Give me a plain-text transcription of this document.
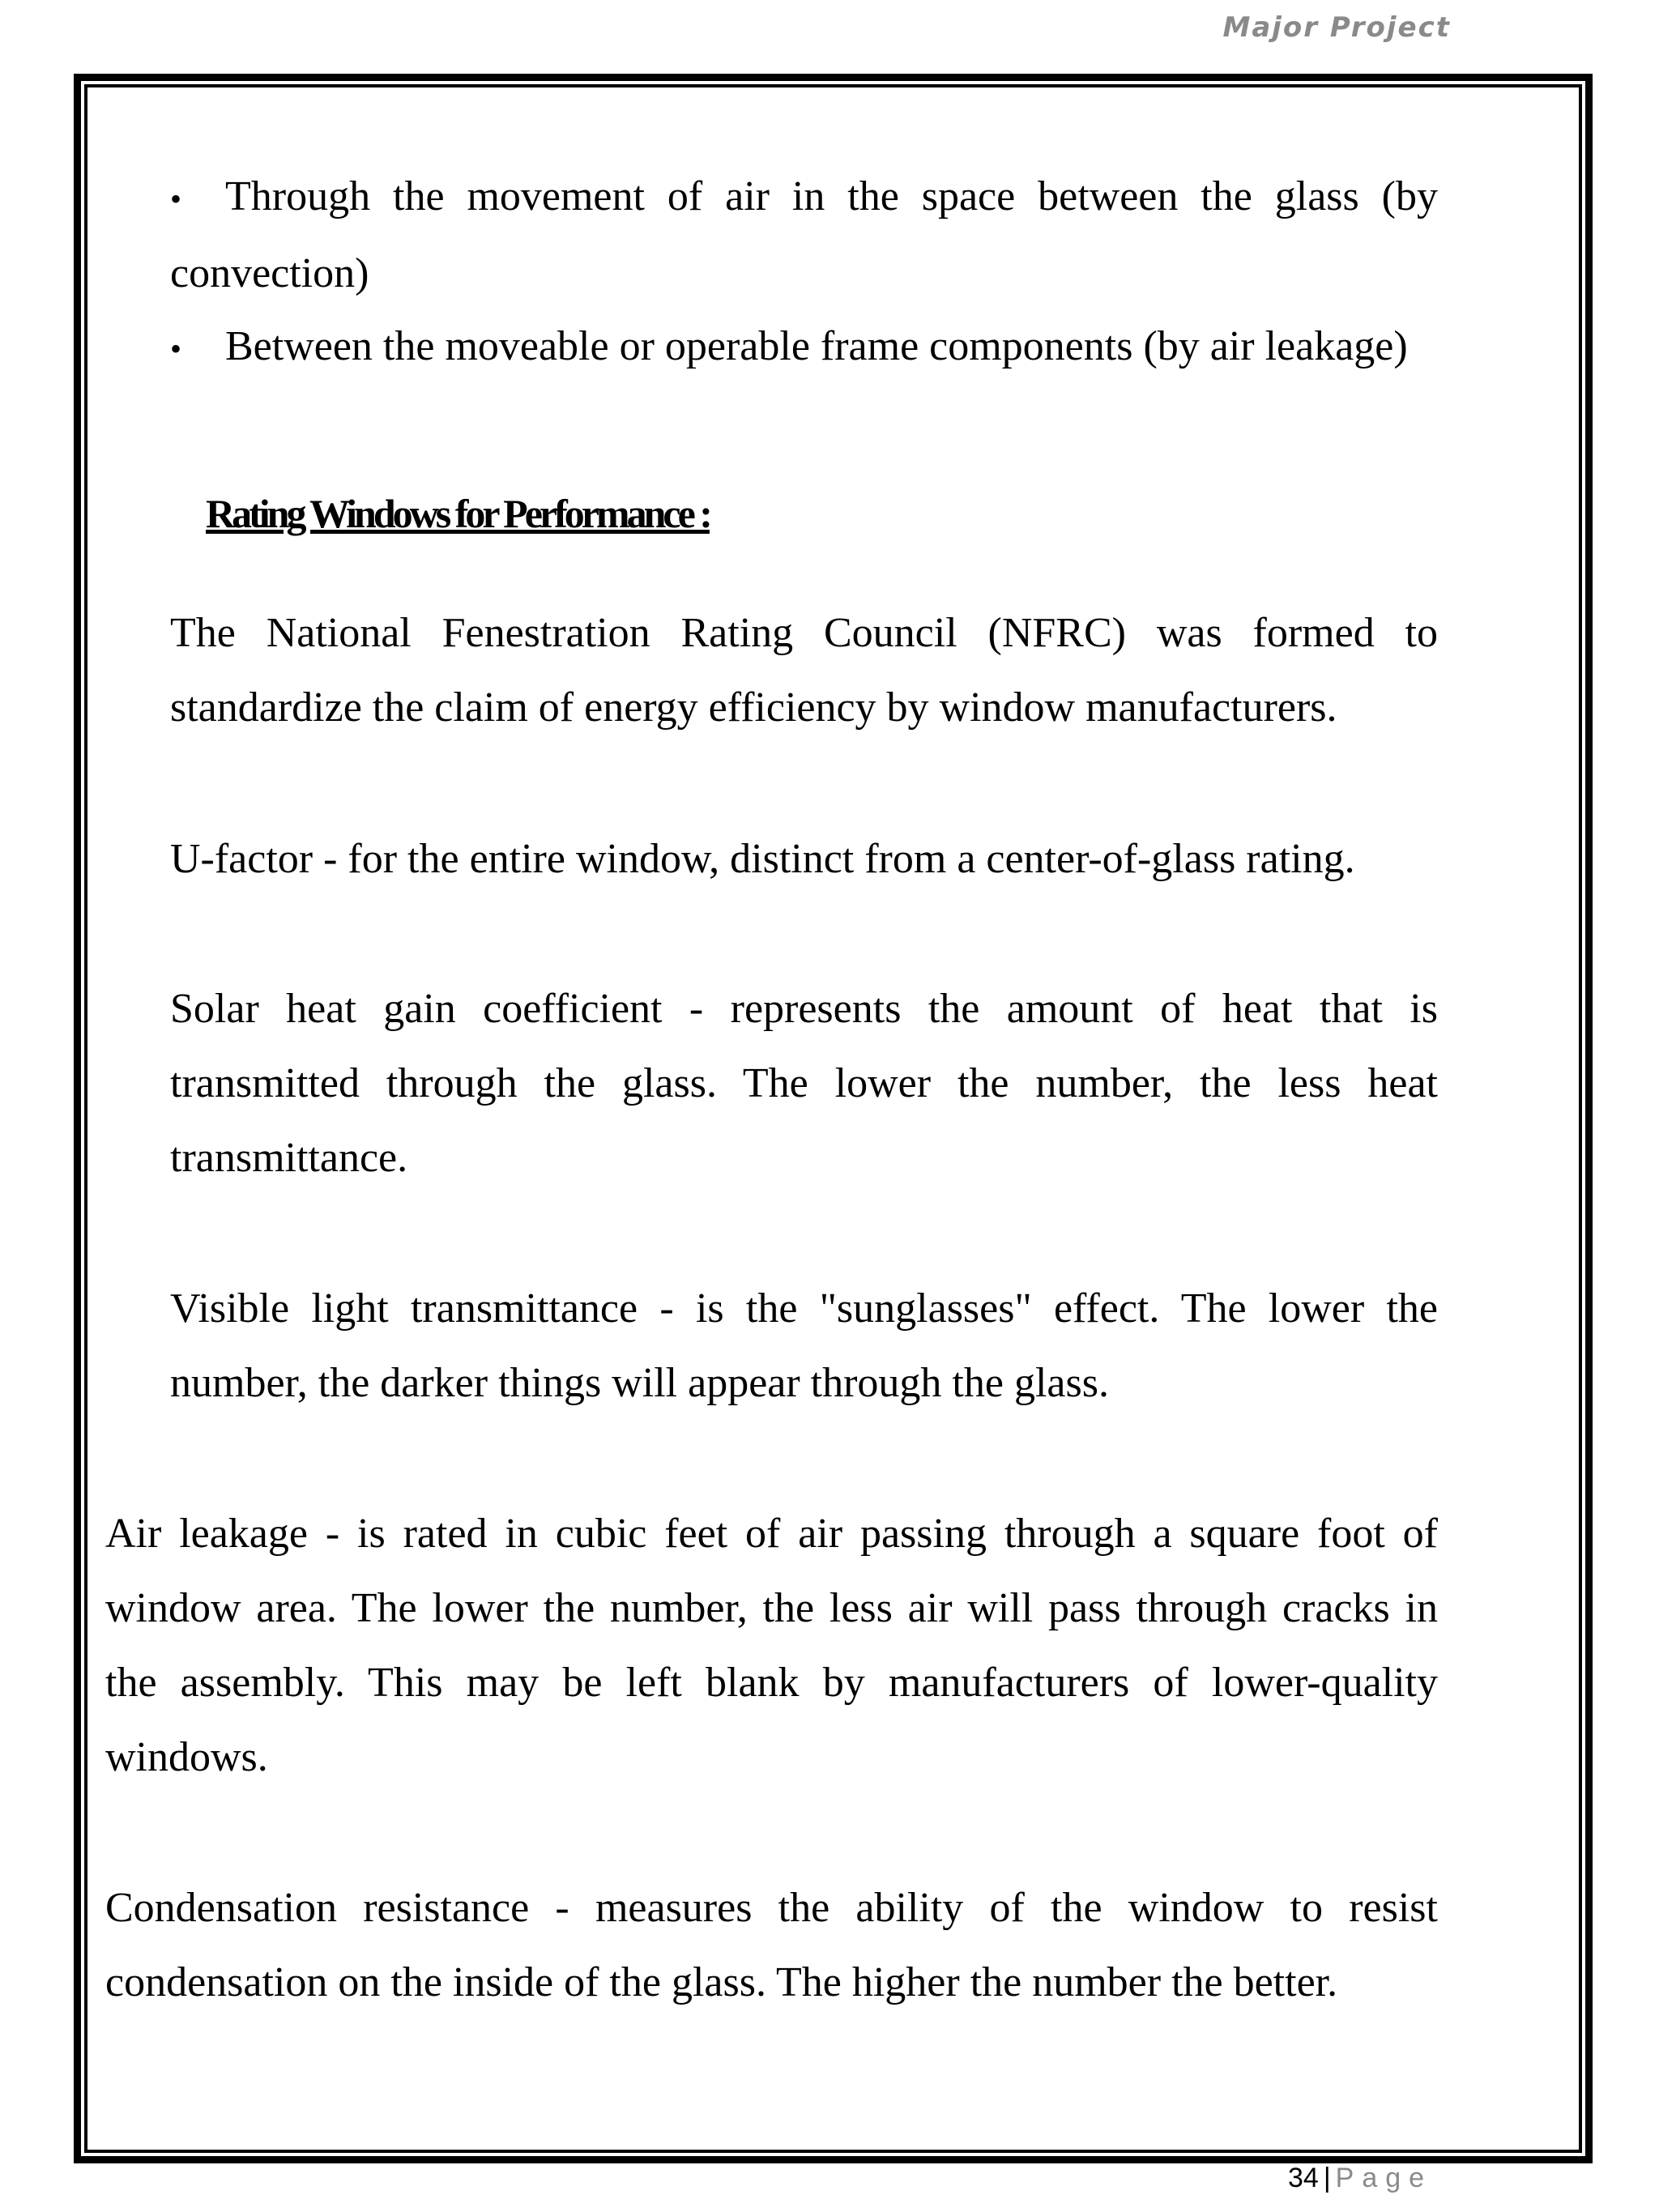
Major Project

• Through the movement of air in the space between the glass (by convection)

• Between the moveable or operable frame components (by air leakage)

Rating Windows for Performance :

The National Fenestration Rating Council (NFRC) was formed to standardize the claim of energy efficiency by window manufacturers.

U-factor - for the entire window, distinct from a center-of-glass rating.

Solar heat gain coefficient - represents the amount of heat that is transmitted through the glass. The lower the number, the less heat transmittance.

Visible light transmittance - is the "sunglasses" effect. The lower the number, the darker things will appear through the glass.

Air leakage - is rated in cubic feet of air passing through a square foot of window area. The lower the number, the less air will pass through cracks in the assembly. This may be left blank by manufacturers of lower-quality windows.

Condensation resistance - measures the ability of the window to resist condensation on the inside of the glass. The higher the number the better.

34 | Page
